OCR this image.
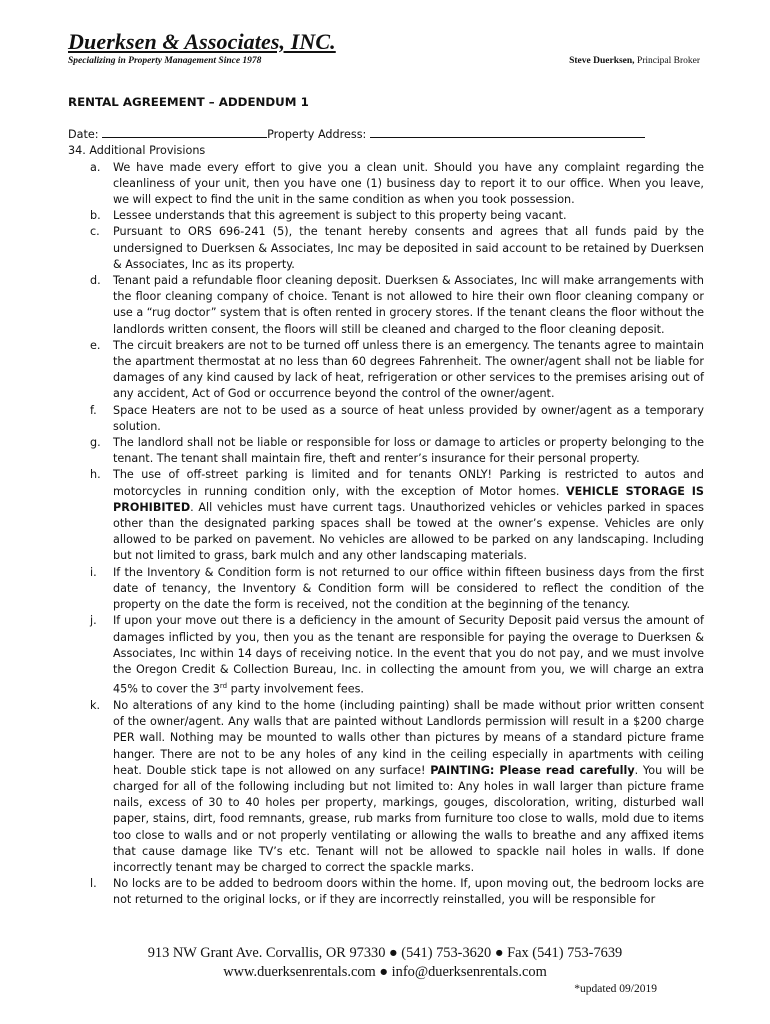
Duerksen & Associates, INC.
Specializing in Property Management Since 1978	Steve Duerksen, Principal Broker
RENTAL AGREEMENT – ADDENDUM 1
Date:	Property Address:
34. Additional Provisions
a. We have made every effort to give you a clean unit. Should you have any complaint regarding the cleanliness of your unit, then you have one (1) business day to report it to our office. When you leave, we will expect to find the unit in the same condition as when you took possession.
b. Lessee understands that this agreement is subject to this property being vacant.
c. Pursuant to ORS 696-241 (5), the tenant hereby consents and agrees that all funds paid by the undersigned to Duerksen & Associates, Inc may be deposited in said account to be retained by Duerksen & Associates, Inc as its property.
d. Tenant paid a refundable floor cleaning deposit. Duerksen & Associates, Inc will make arrangements with the floor cleaning company of choice. Tenant is not allowed to hire their own floor cleaning company or use a “rug doctor” system that is often rented in grocery stores. If the tenant cleans the floor without the landlords written consent, the floors will still be cleaned and charged to the floor cleaning deposit.
e. The circuit breakers are not to be turned off unless there is an emergency. The tenants agree to maintain the apartment thermostat at no less than 60 degrees Fahrenheit. The owner/agent shall not be liable for damages of any kind caused by lack of heat, refrigeration or other services to the premises arising out of any accident, Act of God or occurrence beyond the control of the owner/agent.
f. Space Heaters are not to be used as a source of heat unless provided by owner/agent as a temporary solution.
g. The landlord shall not be liable or responsible for loss or damage to articles or property belonging to the tenant. The tenant shall maintain fire, theft and renter’s insurance for their personal property.
h. The use of off-street parking is limited and for tenants ONLY! Parking is restricted to autos and motorcycles in running condition only, with the exception of Motor homes. VEHICLE STORAGE IS PROHIBITED. All vehicles must have current tags. Unauthorized vehicles or vehicles parked in spaces other than the designated parking spaces shall be towed at the owner’s expense. Vehicles are only allowed to be parked on pavement. No vehicles are allowed to be parked on any landscaping. Including but not limited to grass, bark mulch and any other landscaping materials.
i. If the Inventory & Condition form is not returned to our office within fifteen business days from the first date of tenancy, the Inventory & Condition form will be considered to reflect the condition of the property on the date the form is received, not the condition at the beginning of the tenancy.
j. If upon your move out there is a deficiency in the amount of Security Deposit paid versus the amount of damages inflicted by you, then you as the tenant are responsible for paying the overage to Duerksen & Associates, Inc within 14 days of receiving notice. In the event that you do not pay, and we must involve the Oregon Credit & Collection Bureau, Inc. in collecting the amount from you, we will charge an extra 45% to cover the 3rd party involvement fees.
k. No alterations of any kind to the home (including painting) shall be made without prior written consent of the owner/agent. Any walls that are painted without Landlords permission will result in a $200 charge PER wall. Nothing may be mounted to walls other than pictures by means of a standard picture frame hanger. There are not to be any holes of any kind in the ceiling especially in apartments with ceiling heat. Double stick tape is not allowed on any surface! PAINTING: Please read carefully. You will be charged for all of the following including but not limited to: Any holes in wall larger than picture frame nails, excess of 30 to 40 holes per property, markings, gouges, discoloration, writing, disturbed wall paper, stains, dirt, food remnants, grease, rub marks from furniture too close to walls, mold due to items too close to walls and or not properly ventilating or allowing the walls to breathe and any affixed items that cause damage like TV’s etc. Tenant will not be allowed to spackle nail holes in walls. If done incorrectly tenant may be charged to correct the spackle marks.
l. No locks are to be added to bedroom doors within the home. If, upon moving out, the bedroom locks are not returned to the original locks, or if they are incorrectly reinstalled, you will be responsible for
913 NW Grant Ave. Corvallis, OR 97330 ● (541) 753-3620 ● Fax (541) 753-7639
www.duerksenrentals.com ● info@duerksenrentals.com
*updated 09/2019
